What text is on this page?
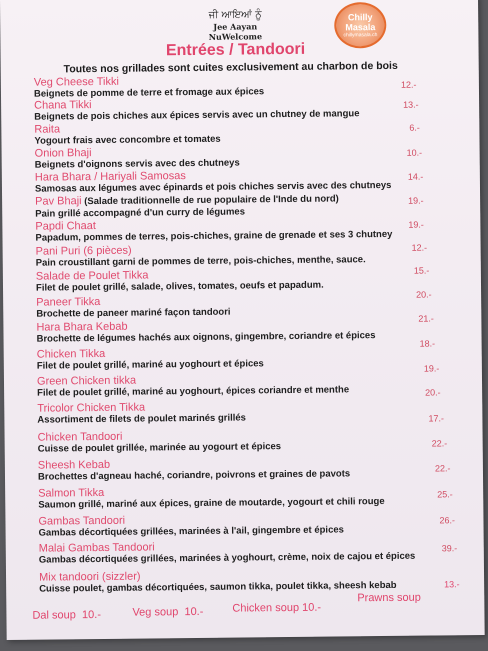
ਜੀ ਆਇਆਂ ਨੂੰ
Jee Aayan
NuWelcome
Chilly Masala
chillymasala.ch
Entrées / Tandoori
Toutes nos grillades sont cuites exclusivement au charbon de bois
Veg Cheese Tikki
Beignets de pomme de terre et fromage aux épices
Chana Tikki
Beignets de pois chiches aux épices servis avec un chutney de mangue
Raita
Yogourt frais avec concombre et tomates
Onion Bhaji
Beignets d'oignons servis avec des chutneys
Hara Bhara / Hariyali Samosas
Samosas aux légumes avec épinards et pois chiches servis avec des chutneys
Pav Bhaji (Salade traditionnelle de rue populaire de l'Inde du nord)
Pain grillé accompagné d'un curry de légumes
Papdi Chaat
Papadum, pommes de terres, pois-chiches, graine de grenade et ses 3 chutney
Pani Puri (6 pièces)
Pain croustillant garni de pommes de terre, pois-chiches, menthe, sauce.
Salade de Poulet Tikka
Filet de poulet grillé, salade, olives, tomates, oeufs et papadum.
Paneer Tikka
Brochette de paneer mariné façon tandoori
Hara Bhara Kebab
Brochette de légumes hachés aux oignons, gingembre, coriandre et épices
Chicken Tikka
Filet de poulet grillé, mariné au yoghourt et épices
Green Chicken tikka
Filet de poulet grillé, mariné au yoghourt, épices coriandre et menthe
Tricolor Chicken Tikka
Assortiment de filets de poulet marinés grillés
Chicken Tandoori
Cuisse de poulet grillée, marinée au yogourt et épices
Sheesh Kebab
Brochettes d'agneau haché, coriandre, poivrons et graines de pavots
Salmon Tikka
Saumon grillé, mariné aux épices, graine de moutarde, yogourt et chili rouge
Gambas Tandoori
Gambas décortiquées grillées, marinées à l'ail, gingembre et épices
Malai Gambas Tandoori
Gambas décortiquées grillées, marinées à yoghourt, crème, noix de cajou et épices
Mix tandoori (sizzler)
Cuisse poulet, gambas décortiquées, saumon tikka, poulet tikka, sheesh kebab
12.-
13.-
6.-
10.-
14.-
19.-
19.-
12.-
15.-
20.-
21.-
18.-
19.-
20.-
17.-
22.-
22.-
25.-
26.-
39.-
Dal soup 10.-	Veg soup 10.-	Chicken soup 10.-
Prawns soup
13.-
